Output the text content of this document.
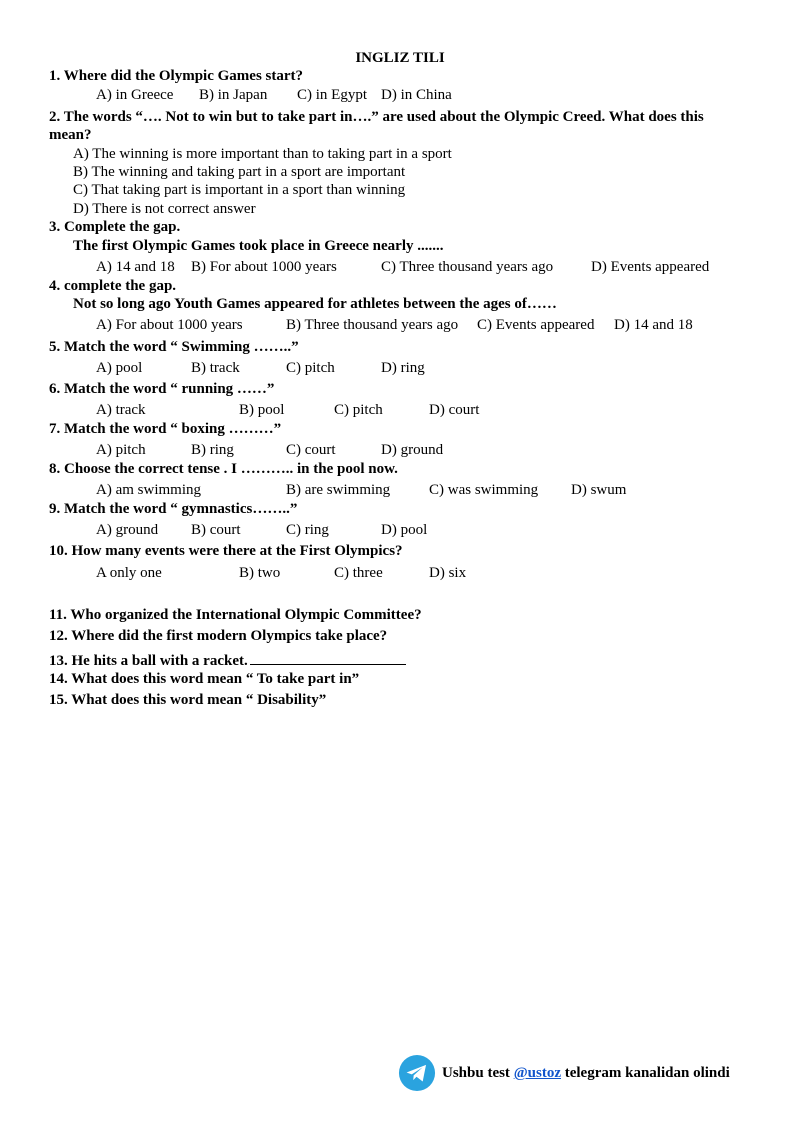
INGLIZ TILI
1. Where did the Olympic Games start?
A) in Greece B) in Japan C) in Egypt D) in China
2. The words “…. Not to win but to take part in….” are used about the Olympic Creed. What does this mean?
A) The winning is more important than to taking part in a sport
B) The winning and taking part in a sport are important
C) That taking part is important in a sport than winning
D) There is not correct answer
3. Complete the gap.
The first Olympic Games took place in Greece nearly .......
A) 14 and 18 B) For about 1000 years	C) Three thousand years ago	D) Events appeared
4. complete the gap.
Not so long ago Youth Games appeared for athletes between the ages of……
A) For about 1000 years	B) Three thousand years ago C) Events appeared D) 14 and 18
5. Match the word “ Swimming ……..”
A) pool	B) track	C) pitch	D) ring
6. Match the word “ running ……”
A) track	B) pool	C) pitch	D) court
7. Match the word “ boxing ………”
A) pitch	B) ring	C) court	D) ground
8. Choose the correct tense . I ……….. in the pool now.
A) am swimming	B) are swimming	C) was swimming D) swum
9. Match the word “ gymnastics……..”
A) ground B) court	C) ring	D) pool
10. How many events were there at the First Olympics?
A only one	B) two	C) three	D) six
11. Who organized the International Olympic Committee?
12. Where did the first modern Olympics take place?
13. He hits a ball with a racket.
14. What does this word mean “ To take part in”
15. What does this word mean “ Disability”
Ushbu test @ustoz telegram kanalidan olindi
